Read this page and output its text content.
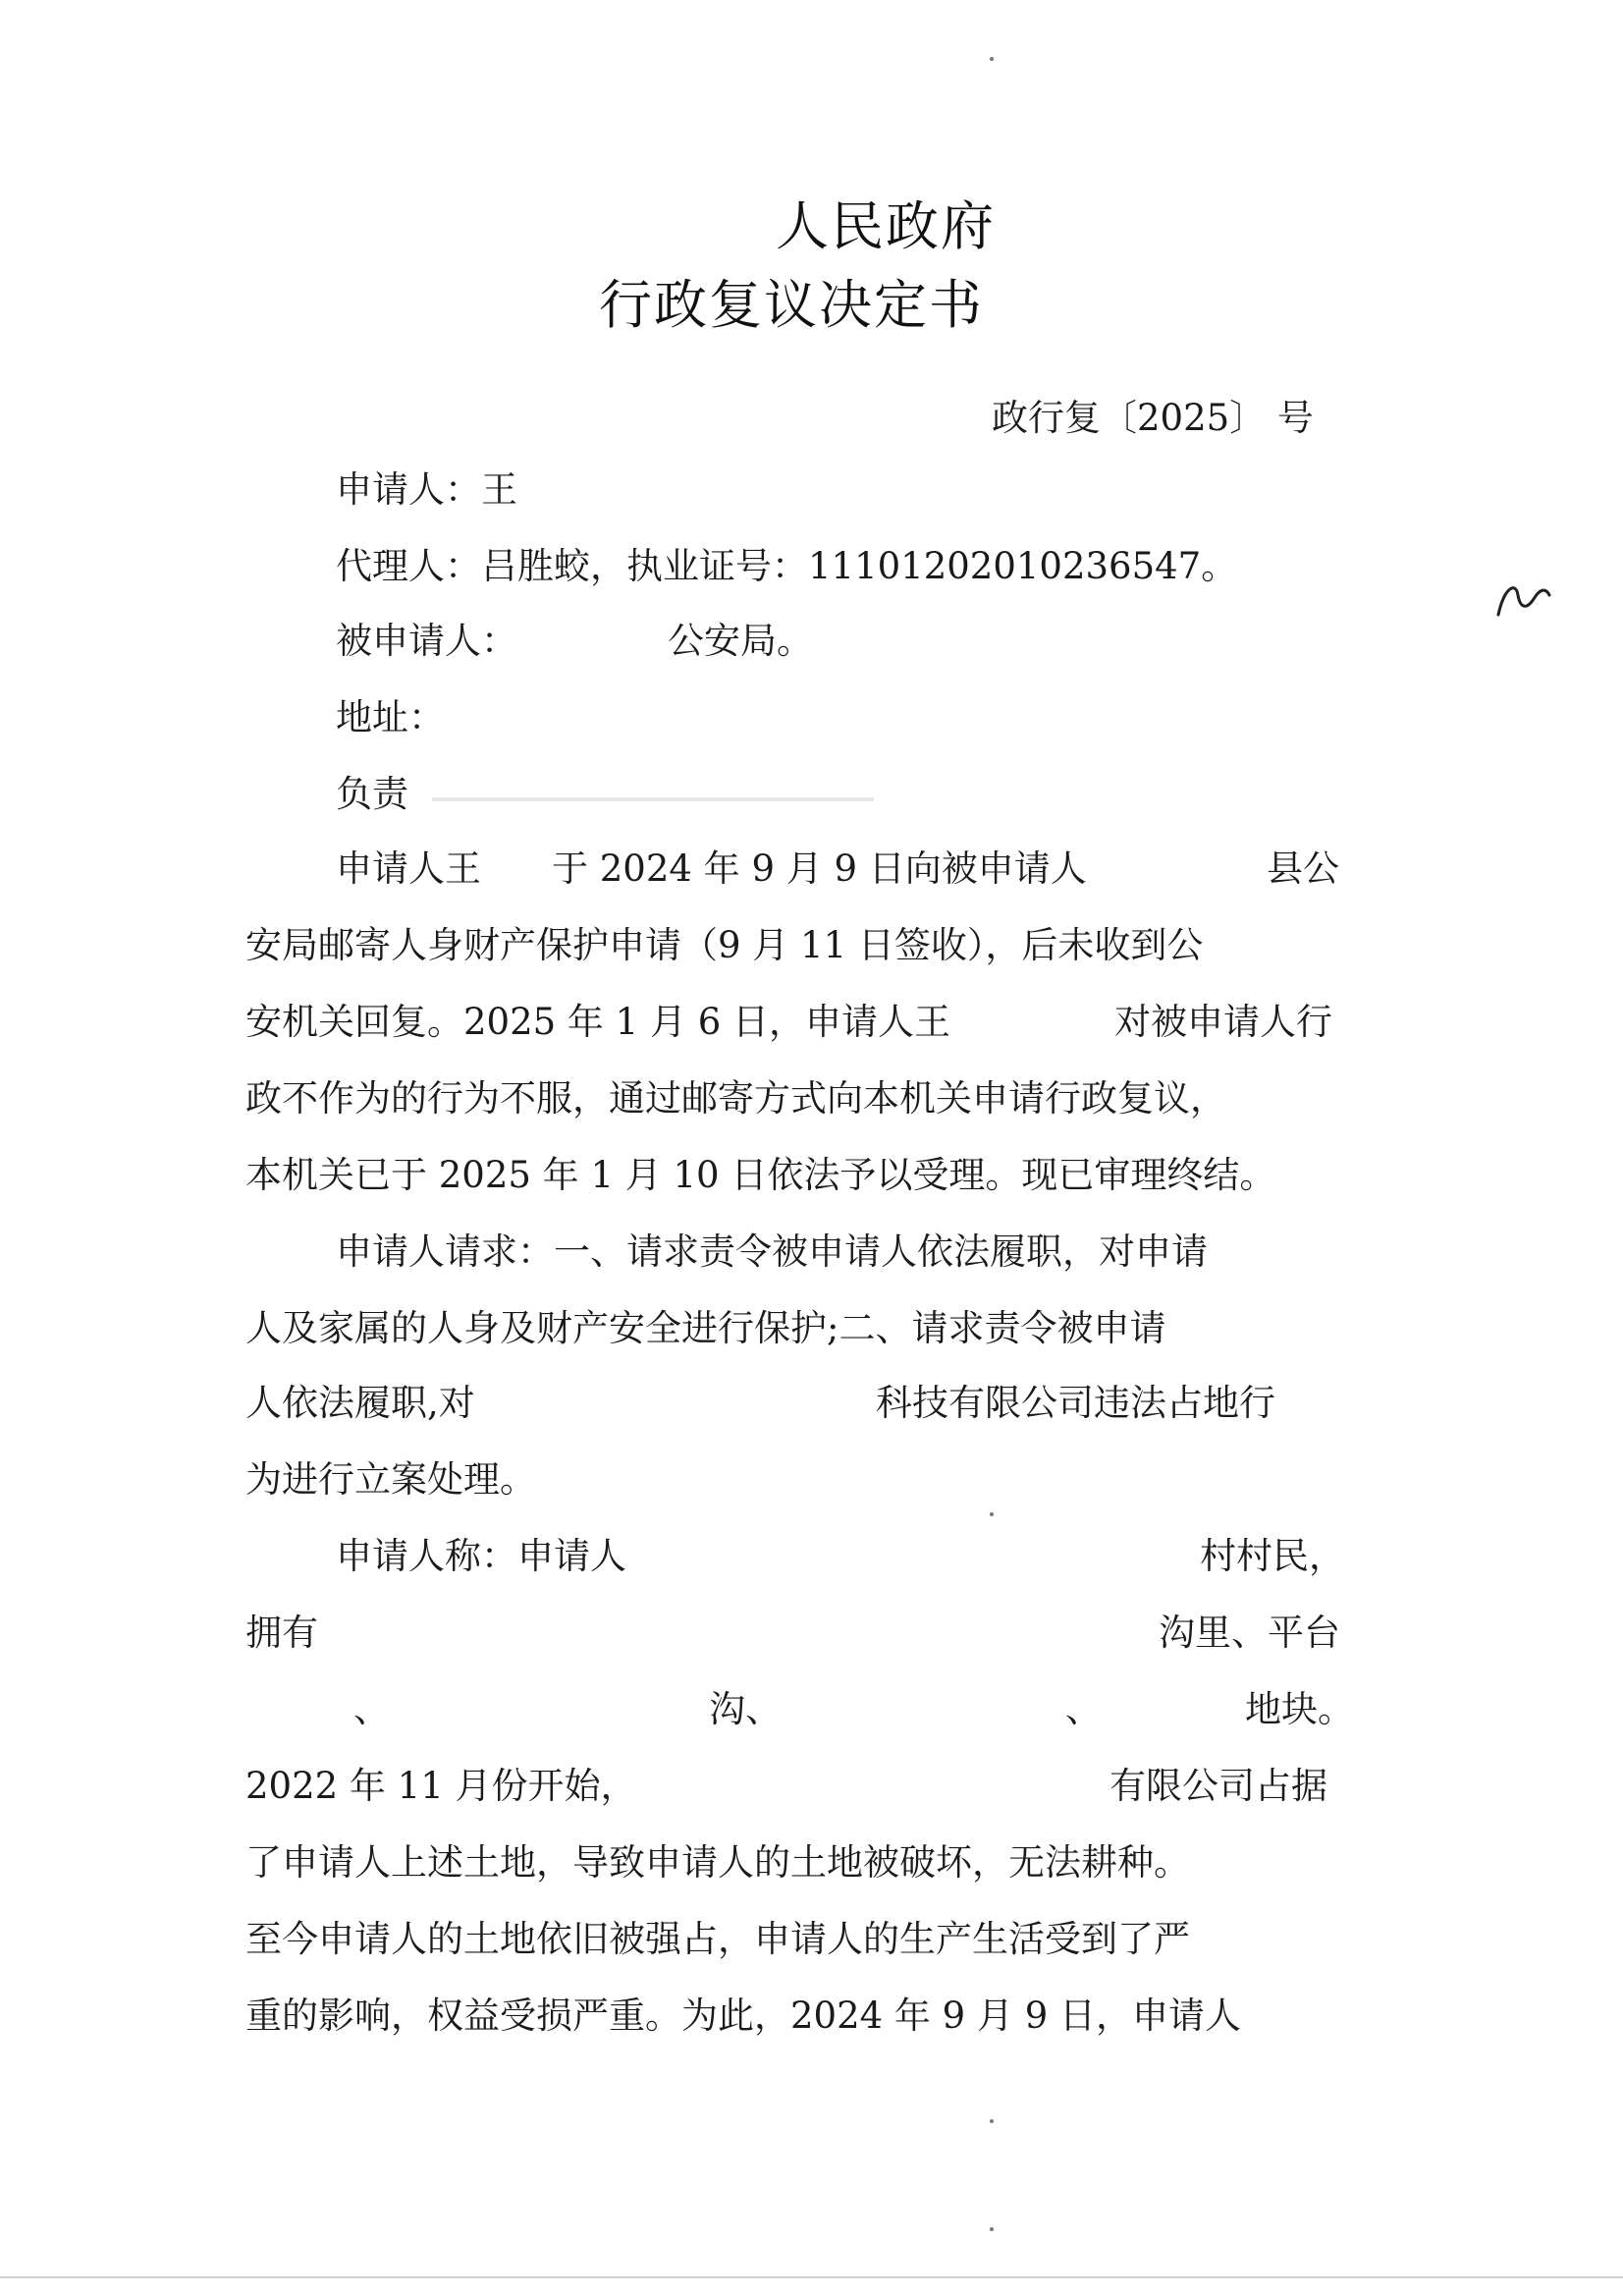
人民政府
行政复议决定书
政行复〔2025〕 号
申请人：王
代理人：吕胜蛟，执业证号：11101202010236547。
被申请人：	公安局。
地址：
负责
申请人王 于 2024 年 9 月 9 日向被申请人	县公
安局邮寄人身财产保护申请（9 月 11 日签收），后未收到公
安机关回复。2025 年 1 月 6 日，申请人王	对被申请人行
政不作为的行为不服，通过邮寄方式向本机关申请行政复议，
本机关已于 2025 年 1 月 10 日依法予以受理。现已审理终结。
申请人请求：一、请求责令被申请人依法履职，对申请
人及家属的人身及财产安全进行保护;二、请求责令被申请
人依法履职,对	科技有限公司违法占地行
为进行立案处理。
申请人称：申请人	村村民，
拥有	沟里、平台
、	沟、	、	地块。
2022 年 11 月份开始，	有限公司占据
了申请人上述土地，导致申请人的土地被破坏，无法耕种。
至今申请人的土地依旧被强占，申请人的生产生活受到了严
重的影响，权益受损严重。为此，2024 年 9 月 9 日，申请人
